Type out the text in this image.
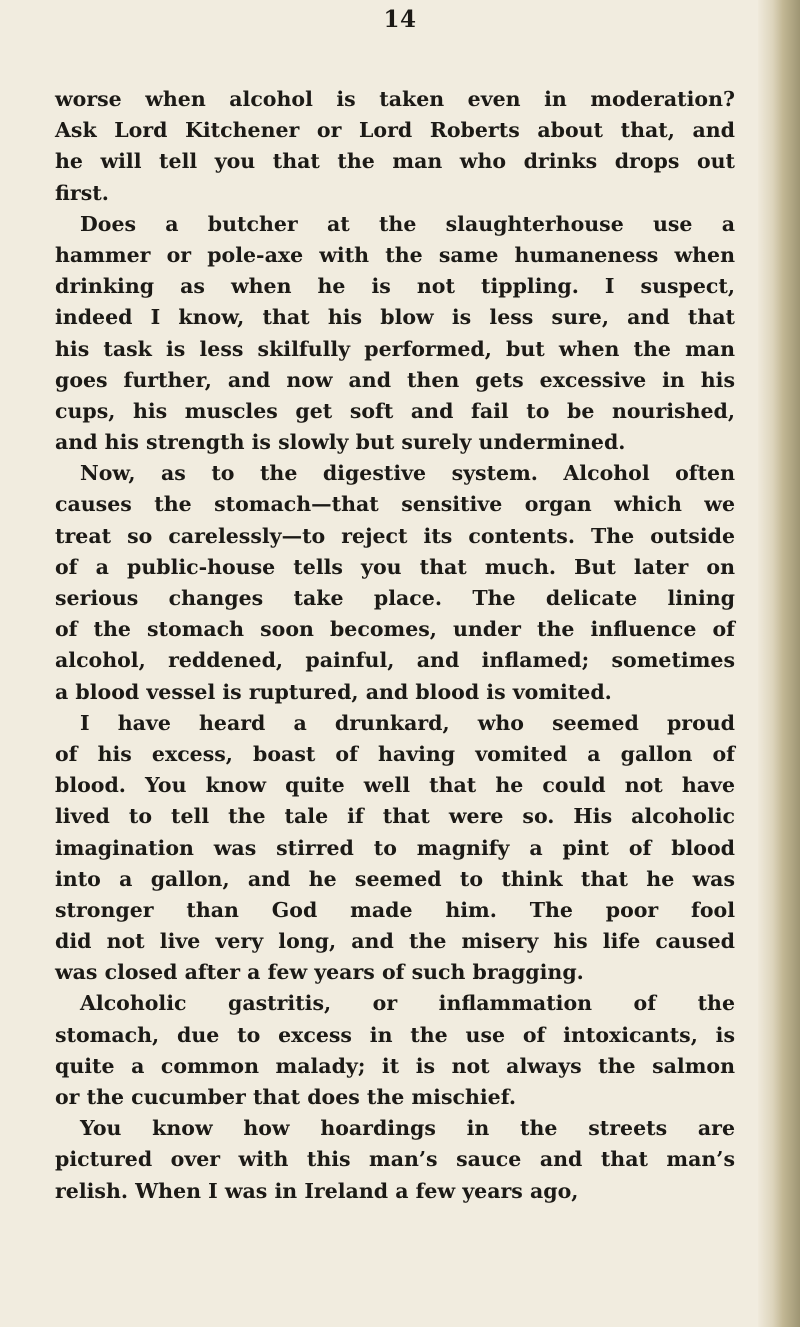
14
worse when alcohol is taken even in moderation?
Ask Lord Kitchener or Lord Roberts about that, and
he will tell you that the man who drinks drops out
first.
Does a butcher at the slaughterhouse use a
hammer or pole-axe with the same humaneness when
drinking as when he is not tippling. I suspect,
indeed I know, that his blow is less sure, and that
his task is less skilfully performed, but when the man
goes further, and now and then gets excessive in his
cups, his muscles get soft and fail to be nourished,
and his strength is slowly but surely undermined.
Now, as to the digestive system. Alcohol often
causes the stomach—that sensitive organ which we
treat so carelessly—to reject its contents. The outside
of a public-house tells you that much. But later on
serious changes take place. The delicate lining
of the stomach soon becomes, under the influence of
alcohol, reddened, painful, and inflamed; sometimes
a blood vessel is ruptured, and blood is vomited.
I have heard a drunkard, who seemed proud
of his excess, boast of having vomited a gallon of
blood. You know quite well that he could not have
lived to tell the tale if that were so. His alcoholic
imagination was stirred to magnify a pint of blood
into a gallon, and he seemed to think that he was
stronger than God made him. The poor fool
did not live very long, and the misery his life caused
was closed after a few years of such bragging.
Alcoholic gastritis, or inflammation of the
stomach, due to excess in the use of intoxicants, is
quite a common malady; it is not always the salmon
or the cucumber that does the mischief.
You know how hoardings in the streets are
pictured over with this man’s sauce and that man’s
relish. When I was in Ireland a few years ago,
